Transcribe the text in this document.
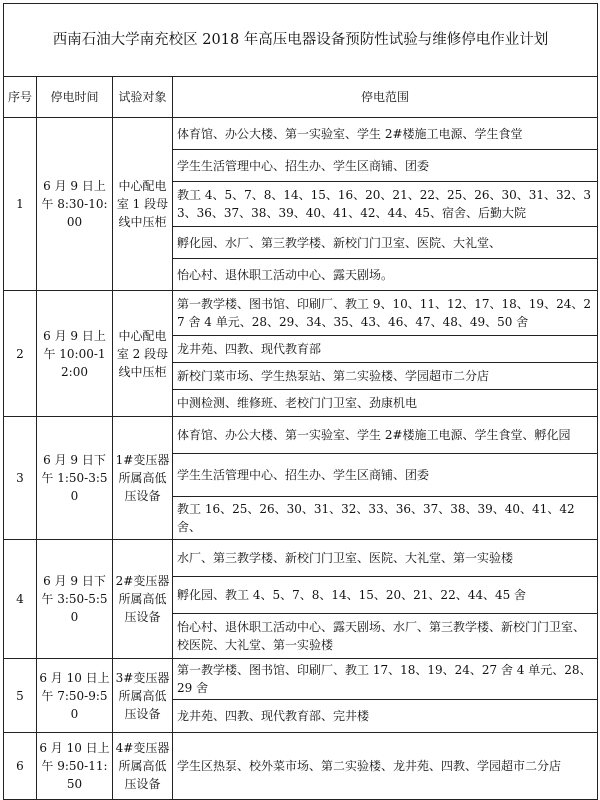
西南石油大学南充校区 2018 年高压电器设备预防性试验与维修停电作业计划			
序号	停电时间	试验对象	停电范围
1	6 月 9 日上午 8:30-10:00	中心配电室 1 段母线中压柜	体育馆、办公大楼、第一实验室、学生 2#楼施工电源、学生食堂
			学生生活管理中心、招生办、学生区商铺、团委
			教工 4、5、7、8、14、15、16、20、21、22、25、26、30、31、32、33、36、37、38、39、40、41、42、44、45、宿舍、后勤大院
			孵化园、水厂、第三教学楼、新校门门卫室、医院、大礼堂、
			怡心村、退休职工活动中心、露天剧场。
2	6 月 9 日上午 10:00-12:00	中心配电室 2 段母线中压柜	第一教学楼、图书馆、印刷厂、教工 9、10、11、12、17、18、19、24、27 舍 4 单元、28、29、34、35、43、46、47、48、49、50 舍
			龙井苑、四教、现代教育部
			新校门菜市场、学生热泵站、第二实验楼、学园超市二分店
			中测检测、维修班、老校门门卫室、劲康机电
3	6 月 9 日下午 1:50-3:50	1#变压器所属高低压设备	体育馆、办公大楼、第一实验室、学生 2#楼施工电源、学生食堂、孵化园
			学生生活管理中心、招生办、学生区商铺、团委
			教工 16、25、26、30、31、32、33、36、37、38、39、40、41、42 舍、
4	6 月 9 日下午 3:50-5:50	2#变压器所属高低压设备	水厂、第三教学楼、新校门门卫室、医院、大礼堂、第一实验楼
			孵化园、教工 4、5、7、8、14、15、20、21、22、44、45 舍
			怡心村、退休职工活动中心、露天剧场、水厂、第三教学楼、新校门门卫室、校医院、大礼堂、第一实验楼
5	6 月 10 日上午 7:50-9:50	3#变压器所属高低压设备	第一教学楼、图书馆、印刷厂、教工 17、18、19、24、27 舍 4 单元、28、29 舍
			龙井苑、四教、现代教育部、完井楼
6	6 月 10 日上午 9:50-11:50	4#变压器所属高低压设备	学生区热泵、校外菜市场、第二实验楼、龙井苑、四教、学园超市二分店
